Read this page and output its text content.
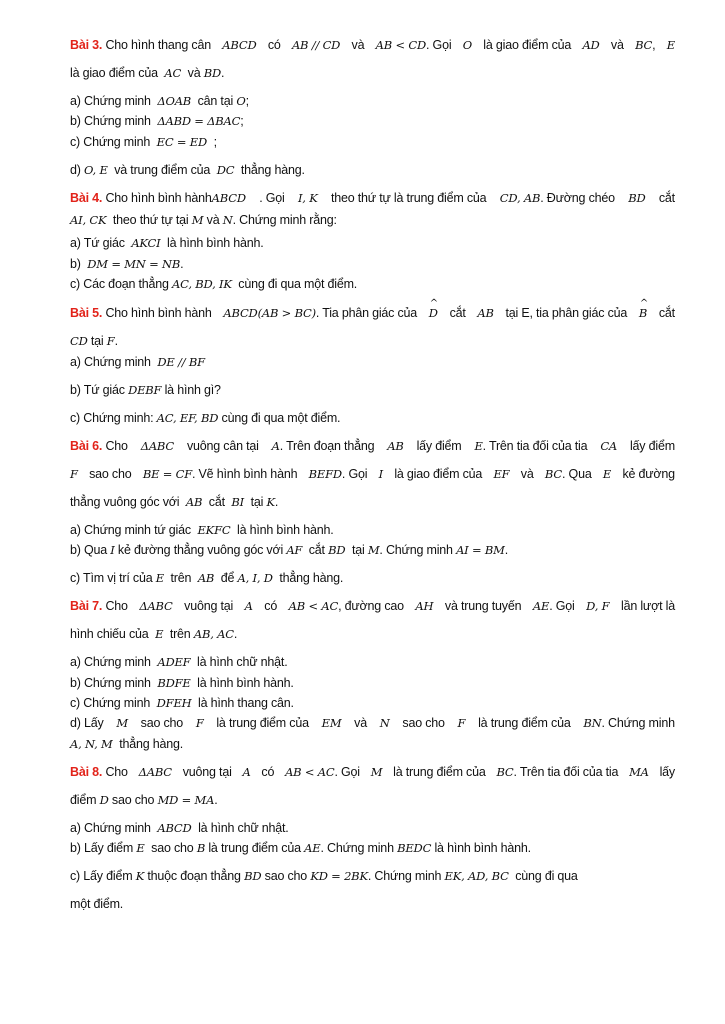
Bài 3. Cho hình thang cân ABCD có AB // CD và AB < CD. Gọi O là giao điểm của AD và BC, E
là giao điểm của AC và BD.
a) Chứng minh ΔOAB cân tại O;
b) Chứng minh ΔABD = ΔBAC;
c) Chứng minh EC = ED ;
d) O, E và trung điểm của DC thẳng hàng.
Bài 4. Cho hình bình hànhABCD . Gọi I, K theo thứ tự là trung điểm của CD, AB. Đường chéo BD cắt
AI, CK theo thứ tự tại M và N. Chứng minh rằng:
a) Tứ giác AKCI là hình bình hành.
b) DM = MN = NB.
c) Các đoạn thẳng AC, BD, IK cùng đi qua một điểm.
Bài 5. Cho hình bình hành ABCD(AB > BC). Tia phân giác của ^ D cắt AB tại E, tia phân giác của ^ B cắt
CD tại F.
a) Chứng minh DE // BF
b) Tứ giác DEBF là hình gì?
c) Chứng minh: AC, EF, BD cùng đi qua một điểm.
Bài 6. Cho ΔABC vuông cân tại A. Trên đoạn thẳng AB lấy điểm E. Trên tia đối của tia CA lấy điểm
F sao cho BE = CF. Vẽ hình bình hành BEFD. Gọi I là giao điểm của EF và BC. Qua E kẻ đường
thẳng vuông góc với AB cắt BI tại K.
a) Chứng minh tứ giác EKFC là hình bình hành.
b) Qua I kẻ đường thẳng vuông góc với AF cắt BD tại M. Chứng minh AI = BM.
c) Tìm vị trí của E trên AB để A, I, D thẳng hàng.
Bài 7. Cho ΔABC vuông tại A có AB < AC, đường cao AH và trung tuyến AE. Gọi D, F lần lượt là
hình chiếu của E trên AB, AC.
a) Chứng minh ADEF là hình chữ nhật.
b) Chứng minh BDFE là hình bình hành.
c) Chứng minh DFEH là hình thang cân.
d) Lấy M sao cho F là trung điểm của EM và N sao cho F là trung điểm của BN. Chứng minh
A, N, M thẳng hàng.
Bài 8. Cho ΔABC vuông tại A có AB < AC. Gọi M là trung điểm của BC. Trên tia đối của tia MA lấy
điểm D sao cho MD = MA.
a) Chứng minh ABCD là hình chữ nhật.
b) Lấy điểm E sao cho B là trung điểm của AE. Chứng minh BEDC là hình bình hành.
c) Lấy điểm K thuộc đoạn thẳng BD sao cho KD = 2BK. Chứng minh EK, AD, BC cùng đi qua
một điểm.
